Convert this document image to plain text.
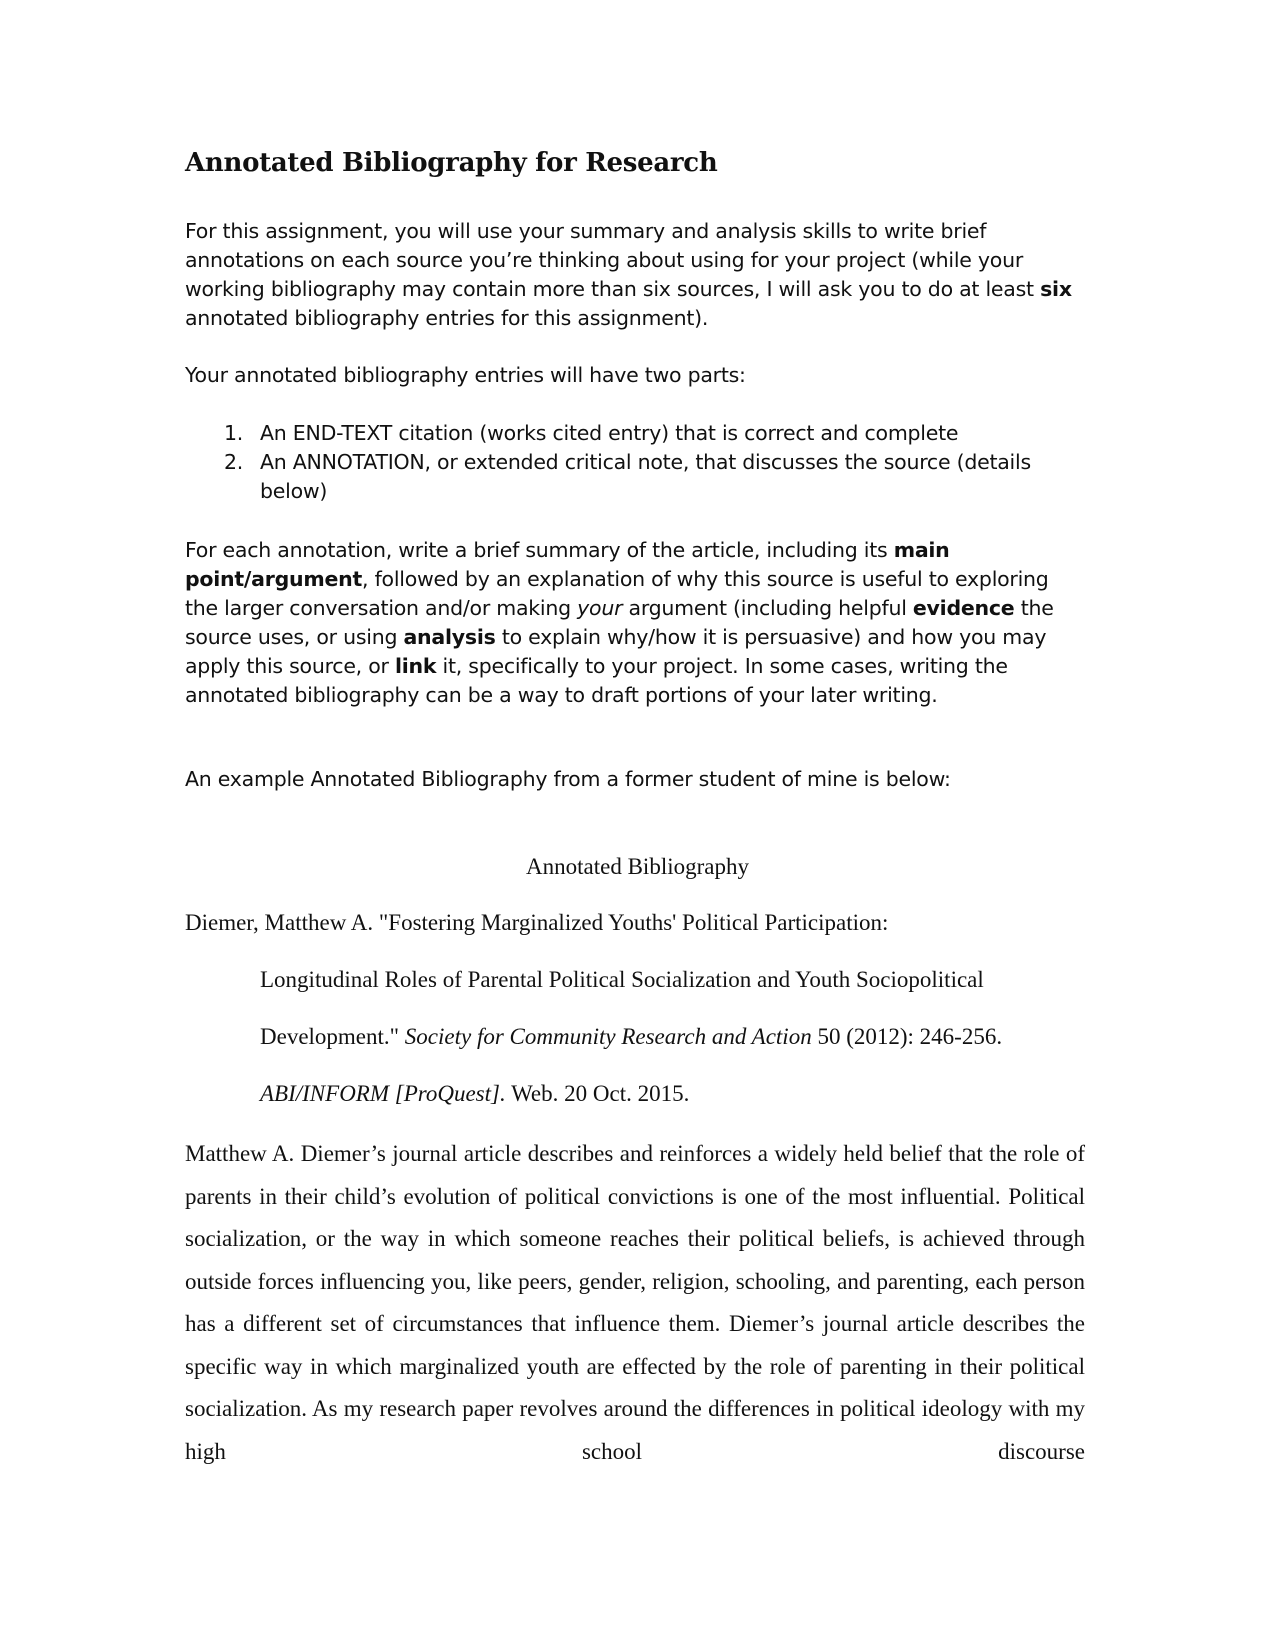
Annotated Bibliography for Research

For this assignment, you will use your summary and analysis skills to write brief annotations on each source you’re thinking about using for your project (while your working bibliography may contain more than six sources, I will ask you to do at least six annotated bibliography entries for this assignment).

Your annotated bibliography entries will have two parts:

1. An END-TEXT citation (works cited entry) that is correct and complete
2. An ANNOTATION, or extended critical note, that discusses the source (details below)

For each annotation, write a brief summary of the article, including its main point/argument, followed by an explanation of why this source is useful to exploring the larger conversation and/or making your argument (including helpful evidence the source uses, or using analysis to explain why/how it is persuasive) and how you may apply this source, or link it, specifically to your project. In some cases, writing the annotated bibliography can be a way to draft portions of your later writing.

An example Annotated Bibliography from a former student of mine is below:

Annotated Bibliography

Diemer, Matthew A. "Fostering Marginalized Youths' Political Participation:

Longitudinal Roles of Parental Political Socialization and Youth Sociopolitical

Development." Society for Community Research and Action 50 (2012): 246-256.

ABI/INFORM [ProQuest]. Web. 20 Oct. 2015.

Matthew A. Diemer’s journal article describes and reinforces a widely held belief that the role of parents in their child’s evolution of political convictions is one of the most influential. Political socialization, or the way in which someone reaches their political beliefs, is achieved through outside forces influencing you, like peers, gender, religion, schooling, and parenting, each person has a different set of circumstances that influence them. Diemer’s journal article describes the specific way in which marginalized youth are effected by the role of parenting in their political socialization. As my research paper revolves around the differences in political ideology with my high school discourse
